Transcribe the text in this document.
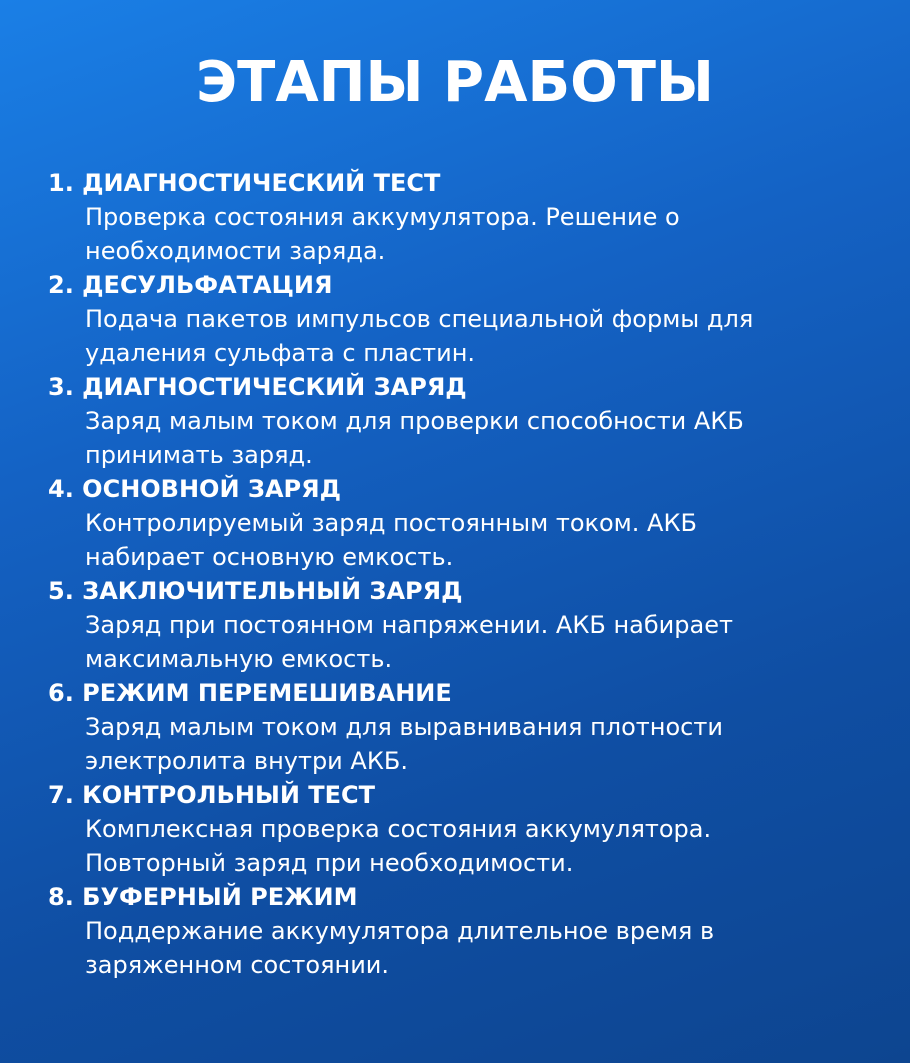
ЭТАПЫ РАБОТЫ
1. ДИАГНОСТИЧЕСКИЙ ТЕСТ
Проверка состояния аккумулятора. Решение о
необходимости заряда.
2. ДЕСУЛЬФАТАЦИЯ
Подача пакетов импульсов специальной формы для
удаления сульфата с пластин.
3. ДИАГНОСТИЧЕСКИЙ ЗАРЯД
Заряд малым током для проверки способности АКБ
принимать заряд.
4. ОСНОВНОЙ ЗАРЯД
Контролируемый заряд постоянным током. АКБ
набирает основную емкость.
5. ЗАКЛЮЧИТЕЛЬНЫЙ ЗАРЯД
Заряд при постоянном напряжении. АКБ набирает
максимальную емкость.
6. РЕЖИМ ПЕРЕМЕШИВАНИЕ
Заряд малым током для выравнивания плотности
электролита внутри АКБ.
7. КОНТРОЛЬНЫЙ ТЕСТ
Комплексная проверка состояния аккумулятора.
Повторный заряд при необходимости.
8. БУФЕРНЫЙ РЕЖИМ
Поддержание аккумулятора длительное время в
заряженном состоянии.
